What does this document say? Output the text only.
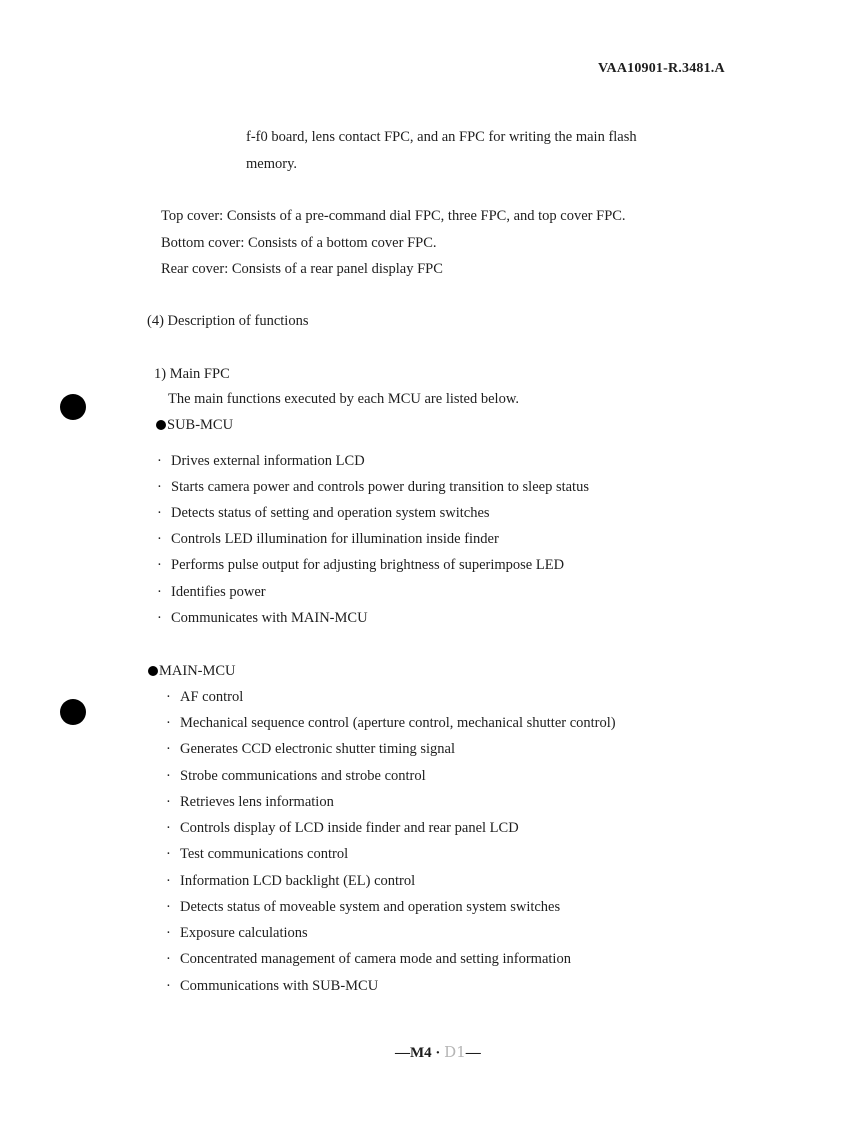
VAA10901-R.3481.A
f-f0 board, lens contact FPC, and an FPC for writing the main flash
memory.
Top cover: Consists of a pre-command dial FPC, three FPC, and top cover FPC.
Bottom cover: Consists of a bottom cover FPC.
Rear cover: Consists of a rear panel display FPC
(4) Description of functions
1) Main FPC
The main functions executed by each MCU are listed below.
SUB-MCU
· Drives external information LCD
· Starts camera power and controls power during transition to sleep status
· Detects status of setting and operation system switches
· Controls LED illumination for illumination inside finder
· Performs pulse output for adjusting brightness of superimpose LED
· Identifies power
· Communicates with MAIN-MCU
MAIN-MCU
· AF control
· Mechanical sequence control (aperture control, mechanical shutter control)
· Generates CCD electronic shutter timing signal
· Strobe communications and strobe control
· Retrieves lens information
· Controls display of LCD inside finder and rear panel LCD
· Test communications control
· Information LCD backlight (EL) control
· Detects status of moveable system and operation system switches
· Exposure calculations
· Concentrated management of camera mode and setting information
· Communications with SUB-MCU
—M4 · D1—
